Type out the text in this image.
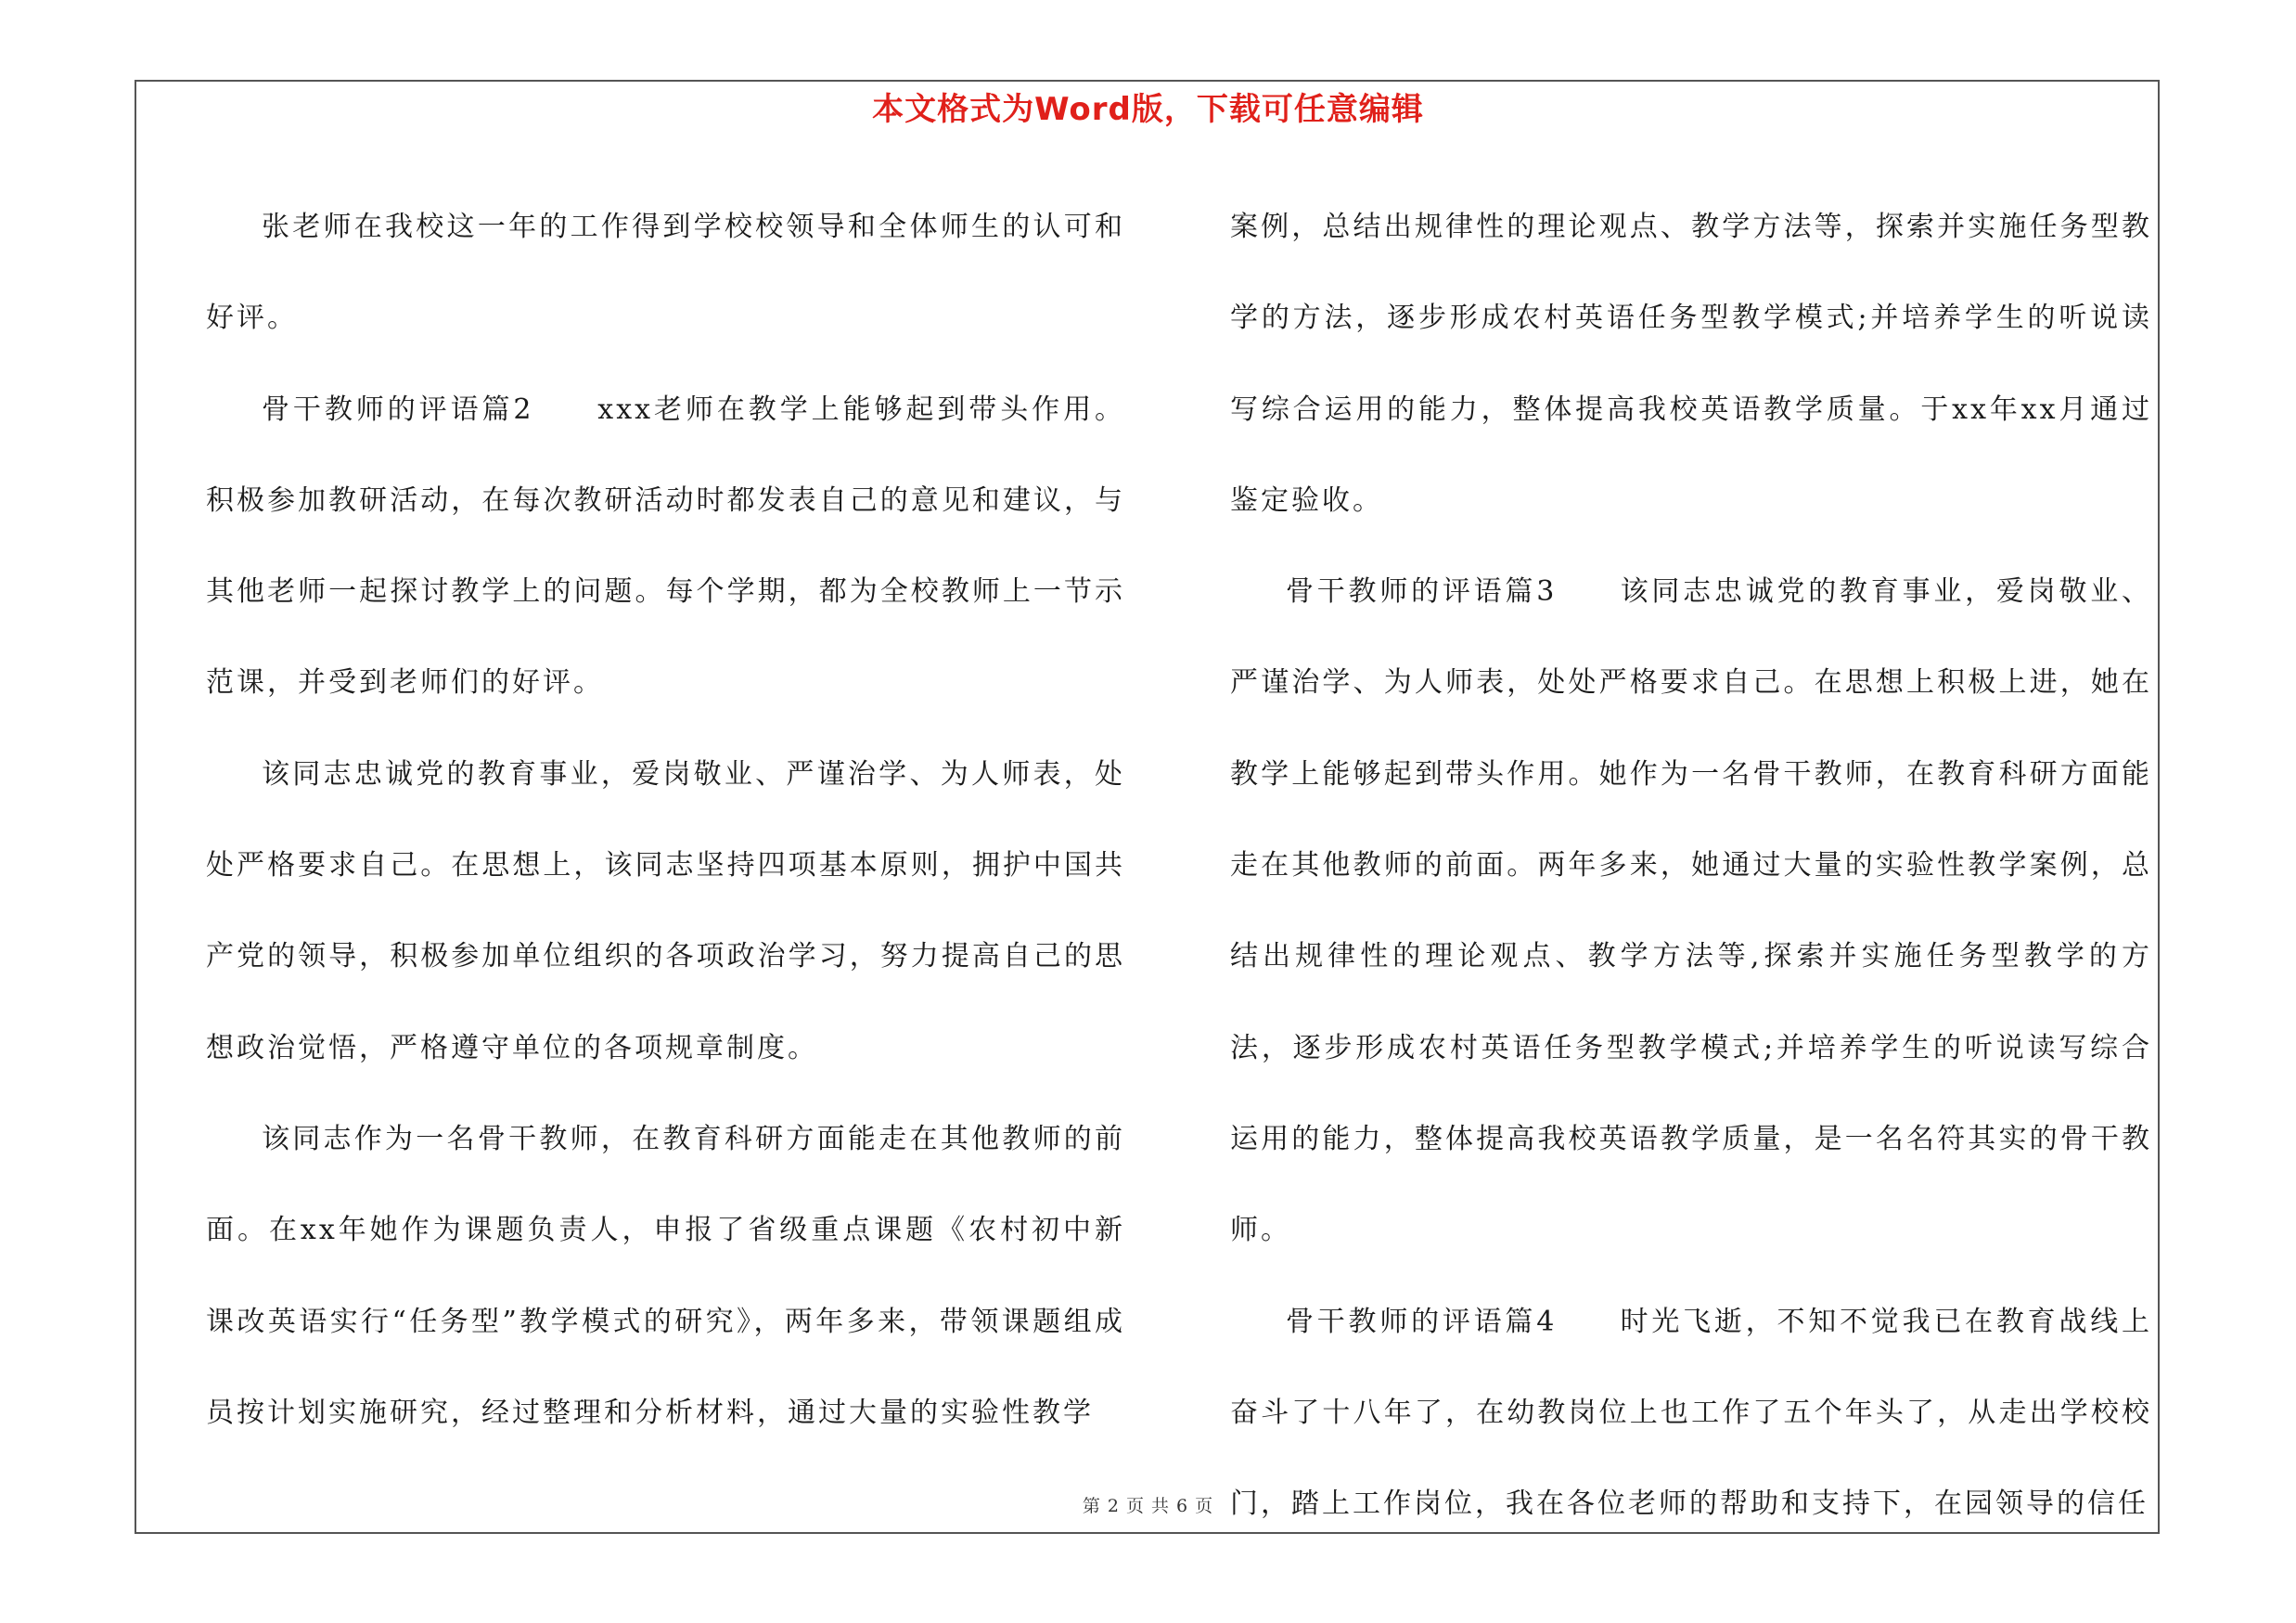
本文格式为Word版，下载可任意编辑

张老师在我校这一年的工作得到学校校领导和全体师生的认可和好评。

骨干教师的评语篇2　　xxx老师在教学上能够起到带头作用。积极参加教研活动，在每次教研活动时都发表自己的意见和建议，与其他老师一起探讨教学上的问题。每个学期，都为全校教师上一节示范课，并受到老师们的好评。

该同志忠诚党的教育事业，爱岗敬业、严谨治学、为人师表，处处严格要求自己。在思想上，该同志坚持四项基本原则，拥护中国共产党的领导，积极参加单位组织的各项政治学习，努力提高自己的思想政治觉悟，严格遵守单位的各项规章制度。

该同志作为一名骨干教师，在教育科研方面能走在其他教师的前面。在xx年她作为课题负责人，申报了省级重点课题《农村初中新课改英语实行“任务型”教学模式的研究》，两年多来，带领课题组成员按计划实施研究，经过整理和分析材料，通过大量的实验性教学

案例，总结出规律性的理论观点、教学方法等，探索并实施任务型教学的方法，逐步形成农村英语任务型教学模式;并培养学生的听说读写综合运用的能力，整体提高我校英语教学质量。于xx年xx月通过鉴定验收。

骨干教师的评语篇3　　该同志忠诚党的教育事业，爱岗敬业、严谨治学、为人师表，处处严格要求自己。在思想上积极上进，她在教学上能够起到带头作用。她作为一名骨干教师，在教育科研方面能走在其他教师的前面。两年多来，她通过大量的实验性教学案例，总结出规律性的理论观点、教学方法等,探索并实施任务型教学的方法，逐步形成农村英语任务型教学模式;并培养学生的听说读写综合运用的能力，整体提高我校英语教学质量，是一名名符其实的骨干教师。

骨干教师的评语篇4　　时光飞逝，不知不觉我已在教育战线上奋斗了十八年了，在幼教岗位上也工作了五个年头了，从走出学校校门，踏上工作岗位，我在各位老师的帮助和支持下，在园领导的信任

第 2 页 共 6 页
